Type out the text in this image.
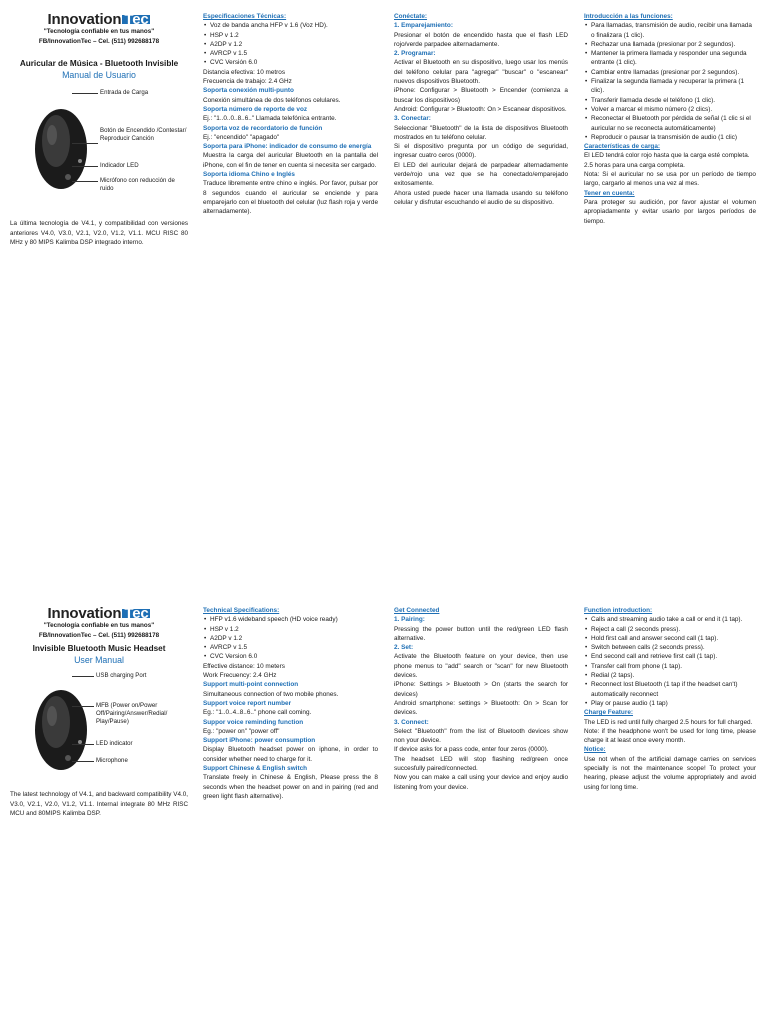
Innovation Tec
"Tecnología confiable en tus manos"
FB/InnovationTec – Cel. (511) 992688178
Auricular de Música - Bluetooth Invisible
Manual de Usuario
Entrada de Carga
Botón de Encendido /Contestar/ Reproducir Canción
Indicador LED
Micrófono con reducción de ruido
La última tecnología de V4.1, y compatibilidad con versiones anteriores V4.0, V3.0, V2.1, V2.0, V1.2, V1.1. MCU RISC 80 MHz y 80 MIPS Kalimba DSP integrado interno.
Especificaciones Técnicas:
• Voz de banda ancha HFP v 1.6 (Voz HD).
• HSP v 1.2
• A2DP v 1.2
• AVRCP v 1.5
• CVC Versión 6.0
Distancia efectiva: 10 metros
Frecuencia de trabajo: 2.4 GHz
Soporta conexión multi-punto
Conexión simultánea de dos teléfonos celulares.
Soporta número de reporte de voz
Ej.: "1..0..0..8..6.." Llamada telefónica entrante.
Soporta voz de recordatorio de función
Ej.: "encendido" "apagado"
Soporta para iPhone: indicador de consumo de energía
Muestra la carga del auricular Bluetooth en la pantalla del iPhone, con el fin de tener en cuenta si necesita ser cargado.
Soporta idioma Chino e Inglés
Traduce libremente entre chino e inglés. Por favor, pulsar por 8 segundos cuando el auricular se enciende y para emparejarlo con el bluetooth del celular (luz flash roja y verde alternadamente).
Conéctate:
1. Emparejamiento:
Presionar el botón de encendido hasta que el flash LED rojo/verde parpadee alternadamente.
2. Programar:
Activar el Bluetooth en su dispositivo, luego usar los menús del teléfono celular para "agregar" "buscar" o "escanear" nuevos dispositivos Bluetooth.
iPhone: Configurar > Bluetooth > Encender (comienza a buscar los dispositivos)
Android: Configurar > Bluetooth: On > Escanear dispositivos.
3. Conectar:
Seleccionar "Bluetooth" de la lista de dispositivos Bluetooth mostrados en tu teléfono celular.
Si el dispositivo pregunta por un código de seguridad, ingresar cuatro ceros (0000).
El LED del auricular dejará de parpadear alternadamente verde/rojo una vez que se ha conectado/emparejado exitosamente.
Ahora usted puede hacer una llamada usando su teléfono celular y disfrutar escuchando el audio de su dispositivo.
Introducción a las funciones:
• Para llamadas, transmisión de audio, recibir una llamada o finalizara (1 clic).
• Rechazar una llamada (presionar por 2 segundos).
• Mantener la primera llamada y responder una segunda entrante (1 clic).
• Cambiar entre llamadas (presionar por 2 segundos).
• Finalizar la segunda llamada y recuperar la primera (1 clic).
• Transferir llamada desde el teléfono (1 clic).
• Volver a marcar el mismo número (2 clics).
• Reconectar el Bluetooth por pérdida de señal (1 clic si el auricular no se reconecta automáticamente)
• Reproducir o pausar la transmisión de audio (1 clic)
Características de carga:
El LED tendrá color rojo hasta que la carga esté completa.
2.5 horas para una carga completa.
Nota: Si el auricular no se usa por un período de tiempo largo, cargarlo al menos una vez al mes.
Tener en cuenta:
Para proteger su audición, por favor ajustar el volumen apropiadamente y evitar usarlo por largos períodos de tiempo.
Innovation Tec
"Tecnología confiable en tus manos"
FB/InnovationTec – Cel. (511) 992688178
Invisible Bluetooth Music Headset
User Manual
USB charging Port
MFB (Power on/Power Off/Pairing/Answer/Redial/ Play/Pause)
LED indicator
Microphone
The latest technology of V4.1, and backward compatibility V4.0, V3.0, V2.1, V2.0, V1.2, V1.1. Internal integrate 80 MHz RISC MCU and 80MIPS Kalimba DSP.
Technical Specifications:
• HFP v1.6 wideband speech (HD voice ready)
• HSP v 1.2
• A2DP v 1.2
• AVRCP v 1.5
• CVC Version 6.0
Effective distance: 10 meters
Work Frecuency: 2.4 GHz
Support multi-point connection
Simultaneous connection of two mobile phones.
Support voice report number
Eg.: "1..0..4..8..6.." phone call coming.
Suppor voice reminding function
Eg.: "power on" "power off"
Support iPhone: power consumption
Display Bluetooth headset power on iphone, in order to consider whether need to charge for it.
Support Chinese & English switch
Translate freely in Chinese & English, Please press the 8 seconds when the headset power on and in pairing (red and green light flash alternative).
Get Connected
1. Pairing:
Pressing the power button until the red/green LED flash alternative.
2. Set:
Activate the Bluetooth feature on your device, then use phone menus to "add" search or "scan" for new Bluetooth devices.
iPhone: Settings > Bluetooth > On (starts the search for devices)
Android smartphone: settings > Bluetooth: On > Scan for devices.
3. Connect:
Select "Bluetooth" from the list of Bluetooth devices show non your device.
If device asks for a pass code, enter four zeros (0000).
The headset LED will stop flashing red/green once succesfully paired/connected.
Now you can make a call using your device and enjoy audio listening from your device.
Function introduction:
• Calls and streaming audio take a call or end it (1 tap).
• Reject a call (2 seconds press).
• Hold first call and answer second call (1 tap).
• Switch between calls (2 seconds press).
• End second call and retrieve first call (1 tap).
• Transfer call from phone (1 tap).
• Redial (2 taps).
• Reconnect lost Bluetooth (1 tap if the headset can't) automatically reconnect
• Play or pause audio (1 tap)
Charge Feature:
The LED is red until fully charged 2.5 hours for full charged.
Note: if the headphone won't be used for long time, please charge it at least once every month.
Notice:
Use not when of the artificial damage carries on services specially is not the maintenance scope! To protect your hearing, please adjust the volume appropriately and avoid using for long time.
